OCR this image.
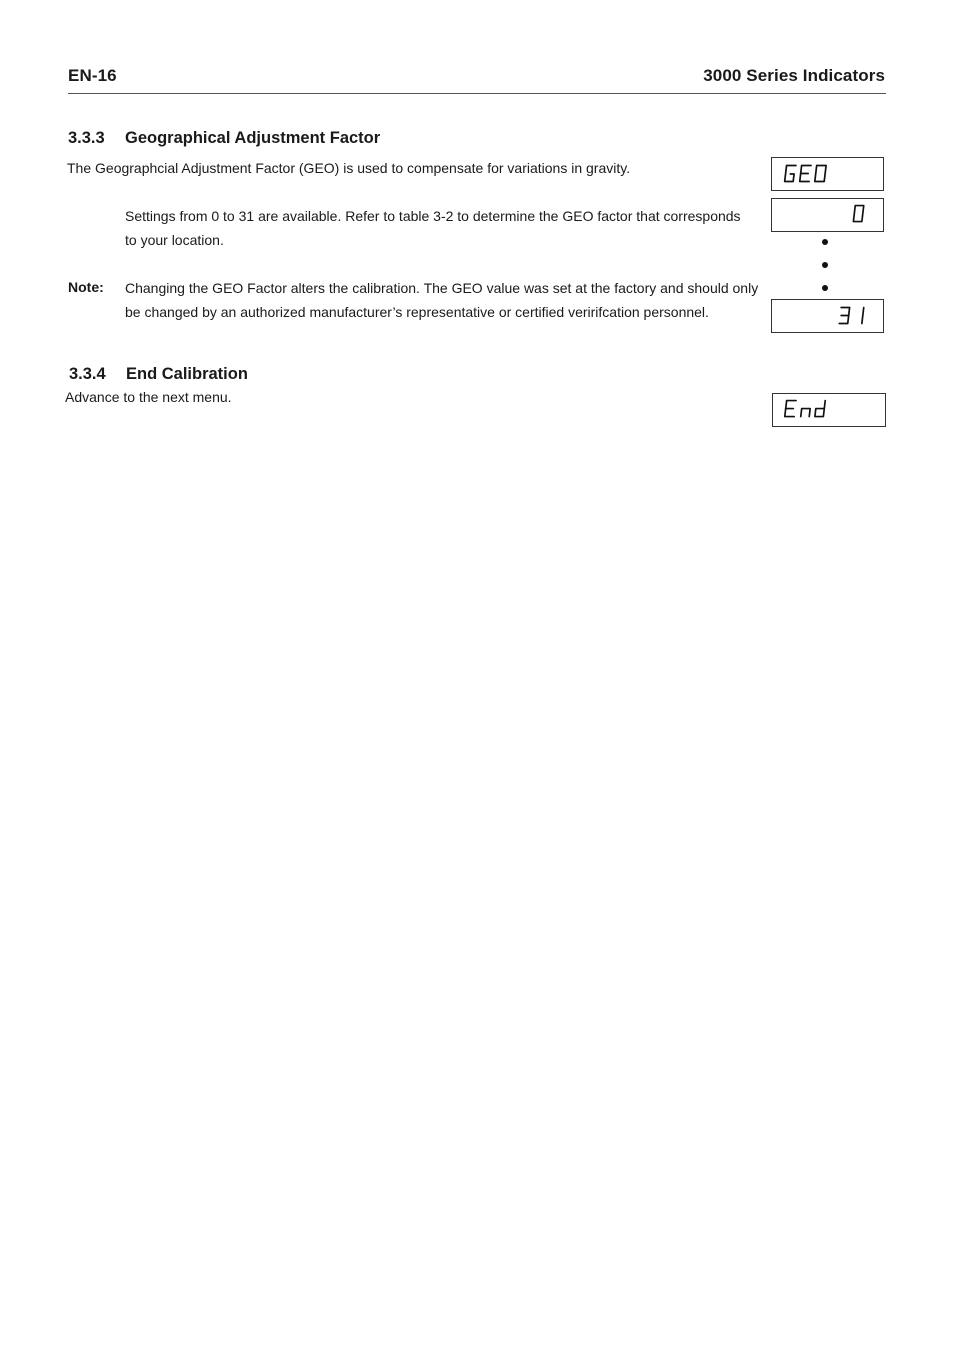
EN-16	3000 Series Indicators
3.3.3 Geographical Adjustment Factor
The Geographcial Adjustment Factor (GEO) is used to compensate for variations in gravity.
Settings from 0 to 31 are available. Refer to table 3-2 to determine the GEO factor that corresponds
to your location.
Note: Changing the GEO Factor alters the calibration. The GEO value was set at the factory and should only
be changed by an authorized manufacturer’s representative or certified veririfcation personnel.
3.3.4 End Calibration
Advance to the next menu.
